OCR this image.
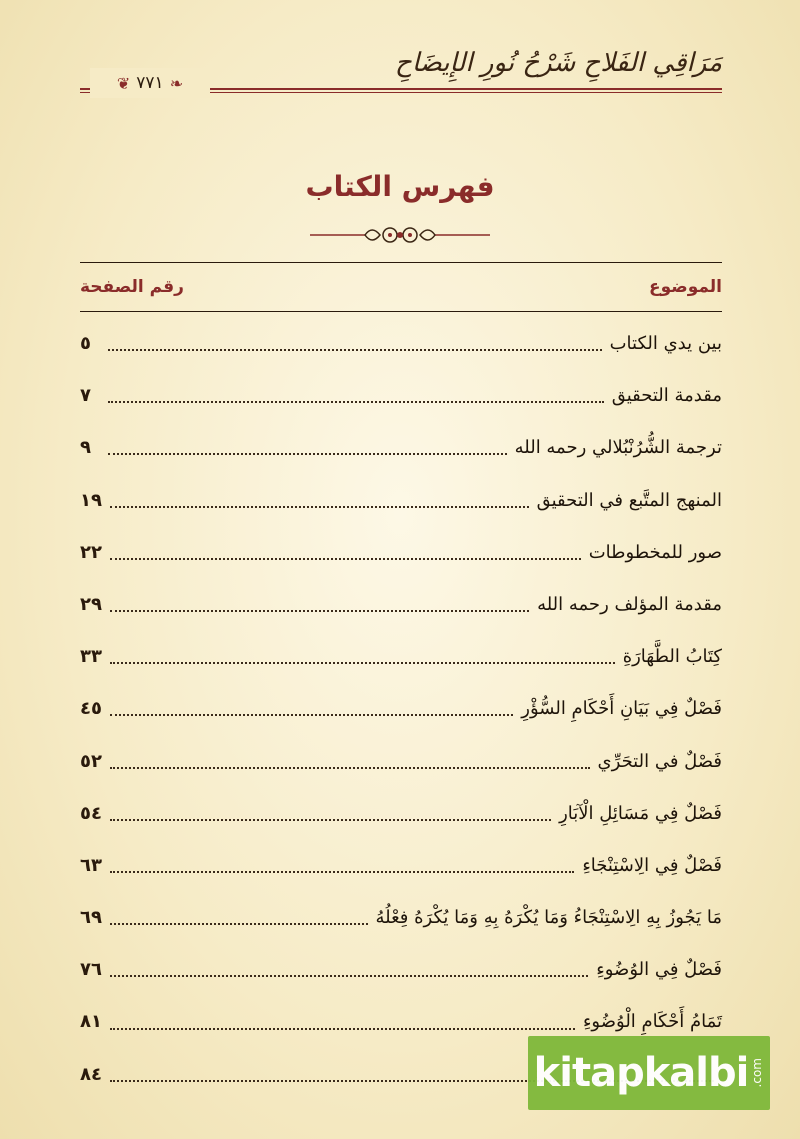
مَرَاقِي الفَلاحِ شَرْحُ نُورِ الإِيضَاحِ
❦ ٧٧١ ❧
فهرس الكتاب
الموضوع
رقم الصفحة
بين يدي الكتاب
٥
مقدمة التحقيق
٧
ترجمة الشُّرُنْبُلالي رحمه الله
٩
المنهج المتَّبع في التحقيق
١٩
صور للمخطوطات
٢٢
مقدمة المؤلف رحمه الله
٢٩
كِتَابُ الطَّهَارَةِ
٣٣
فَصْلٌ فِي بَيَانِ أَحْكَامِ السُّؤْرِ
٤٥
فَصْلٌ في التحَرِّي
٥٢
فَصْلٌ فِي مَسَائِلِ الْآبَارِ
٥٤
فَصْلٌ فِي الِاسْتِنْجَاءِ
٦٣
مَا يَجُوزُ بِهِ الِاسْتِنْجَاءُ وَمَا يُكْرَهُ بِهِ وَمَا يُكْرَهُ فِعْلُهُ
٦٩
فَصْلٌ فِي الوُضُوءِ
٧٦
تَمَامُ أَحْكَامِ الْوُضُوءِ
٨١
٨٤	kitapkalbi .com
